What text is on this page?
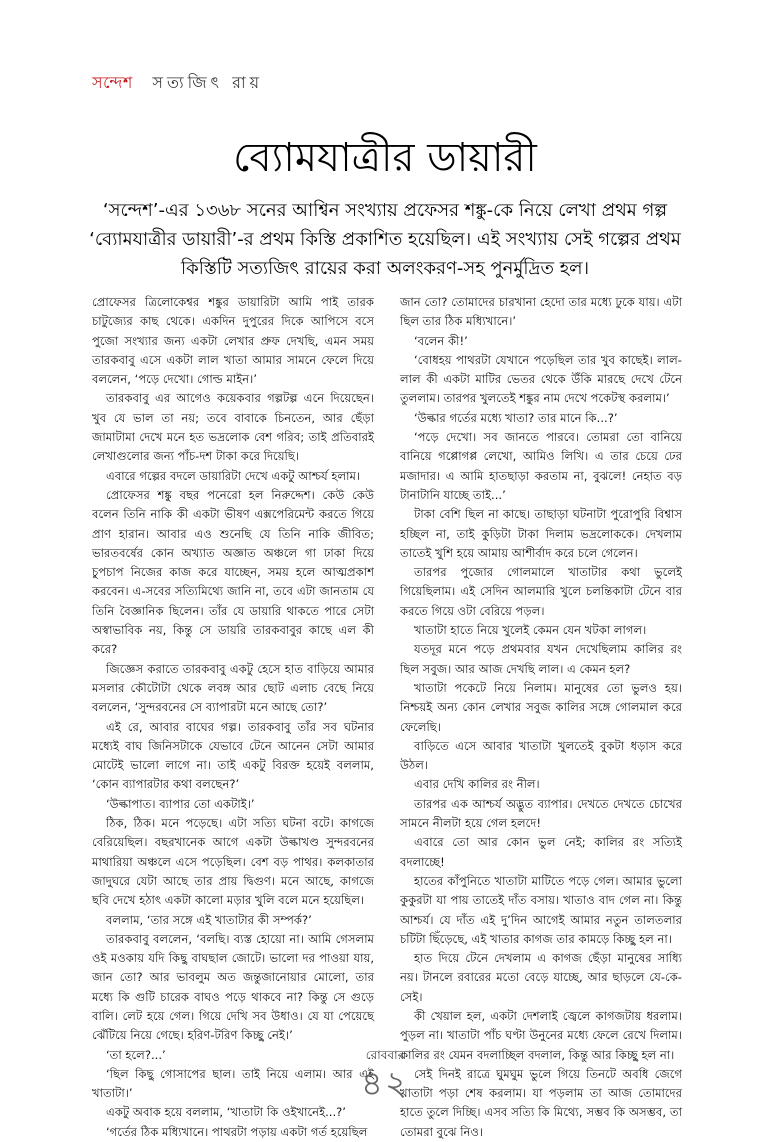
সন্দেশ সত্যজিৎ রায়
ব্যোমযাত্রীর ডায়ারী
‘সন্দেশ’-এর ১৩৬৮ সনের আশ্বিন সংখ্যায় প্রফেসর শঙ্কু-কে নিয়ে লেখা প্রথম গল্প
‘ব্যোমযাত্রীর ডায়ারী’-র প্রথম কিস্তি প্রকাশিত হয়েছিল। এই সংখ্যায় সেই গল্পের প্রথম
কিস্তিটি সত্যজিৎ রায়ের করা অলংকরণ-সহ পুনর্মুদ্রিত হল।

প্রোফেসর ত্রিলোকেশ্বর শঙ্কুর ডায়ারিটা আমি পাই তারক চাটুজ্যের কাছ থেকে। একদিন দুপুরের দিকে আপিসে বসে পুজো সংখ্যার জন্য একটা লেখার প্রুফ দেখছি, এমন সময় তারকবাবু এসে একটা লাল খাতা আমার সামনে ফেলে দিয়ে বললেন, ‘পড়ে দেখো। গোল্ড মাইন।’

তারকবাবু এর আগেও কয়েকবার গল্পটল্প এনে দিয়েছেন। খুব যে ভাল তা নয়; তবে বাবাকে চিনতেন, আর ছেঁড়া জামাটামা দেখে মনে হত ভদ্রলোক বেশ গরিব; তাই প্রতিবারই লেখাগুলোর জন্য পাঁচ-দশ টাকা করে দিয়েছি।

এবারে গল্পের বদলে ডায়ারিটা দেখে একটু আশ্চর্য হলাম।

প্রোফেসর শঙ্কু বছর পনেরো হল নিরুদ্দেশ। কেউ কেউ বলেন তিনি নাকি কী একটা ভীষণ এক্সপেরিমেন্ট করতে গিয়ে প্রাণ হারান। আবার এও শুনেছি যে তিনি নাকি জীবিত; ভারতবর্ষের কোন অখ্যাত অজ্ঞাত অঞ্চলে গা ঢাকা দিয়ে চুপচাপ নিজের কাজ করে যাচ্ছেন, সময় হলে আত্মপ্রকাশ করবেন। এ-সবের সত্যিমিথ্যে জানি না, তবে এটা জানতাম যে তিনি বৈজ্ঞানিক ছিলেন। তাঁর যে ডায়ারি থাকতে পারে সেটা অস্বাভাবিক নয়, কিন্তু সে ডায়রি তারকবাবুর কাছে এল কী করে?

জিজ্ঞেস করাতে তারকবাবু একটু হেসে হাত বাড়িয়ে আমার মসলার কৌটোটা থেকে লবঙ্গ আর ছোট এলাচ বেছে নিয়ে বললেন, ‘সুন্দরবনের সে ব্যাপারটা মনে আছে তো?’

এই রে, আবার বাঘের গল্প। তারকবাবু তাঁর সব ঘটনার মধ্যেই বাঘ জিনিসটাকে যেভাবে টেনে আনেন সেটা আমার মোটেই ভালো লাগে না। তাই একটু বিরক্ত হয়েই বললাম, ‘কোন ব্যাপারটার কথা বলছেন?’

‘উল্কাপাত। ব্যাপার তো একটাই।’

ঠিক, ঠিক। মনে পড়েছে। এটা সত্যি ঘটনা বটে। কাগজে বেরিয়েছিল। বছরখানেক আগে একটা উল্কাখণ্ড সুন্দরবনের মাথারিয়া অঞ্চলে এসে পড়েছিল। বেশ বড় পাথর। কলকাতার জাদুঘরে যেটা আছে তার প্রায় দ্বিগুণ। মনে আছে, কাগজে ছবি দেখে হঠাৎ একটা কালো মড়ার খুলি বলে মনে হয়েছিল।

বললাম, ‘তার সঙ্গে এই খাতাটার কী সম্পর্ক?’

তারকবাবু বললেন, ‘বলছি। ব্যস্ত হোয়ো না। আমি গেসলাম ওই মওকায় যদি কিছু বাঘছাল জোটে। ভালো দর পাওয়া যায়, জান তো? আর ভাবলুম অত জন্তুজানোয়ার মোলো, তার মধ্যে কি গুটি চারেক বাঘও পড়ে থাকবে না? কিন্তু সে গুড়ে বালি। লেট হয়ে গেল। গিয়ে দেখি সব উধাও। যে যা পেয়েছে ঝেঁটিয়ে নিয়ে গেছে। হরিণ-টরিণ কিচ্ছু নেই।’

‘তা হলে?...’

‘ছিল কিছু গোসাপের ছাল। তাই নিয়ে এলাম। আর এই খাতাটা।’

একটু অবাক হয়ে বললাম, ‘খাতাটা কি ওইখানেই...?’

‘গর্তের ঠিক মধ্যিখানে। পাথরটা পড়ায় একটা গর্ত হয়েছিল

জান তো? তোমাদের চারখানা হেদো তার মধ্যে ঢুকে যায়। এটা ছিল তার ঠিক মধ্যিখানে।’

‘বলেন কী!’

‘বোধহয় পাথরটা যেখানে পড়েছিল তার খুব কাছেই। লাল-লাল কী একটা মাটির ভেতর থেকে উঁকি মারছে দেখে টেনে তুললাম। তারপর খুলতেই শঙ্কুর নাম দেখে পকেটস্থ করলাম।’

‘উল্কার গর্তের মধ্যে খাতা? তার মানে কি...?’

‘পড়ে দেখো। সব জানতে পারবে। তোমরা তো বানিয়ে বানিয়ে গপ্পোগপ্প লেখো, আমিও লিখি। এ তার চেয়ে ঢের মজাদার। এ আমি হাতছাড়া করতাম না, বুঝলে! নেহাত বড় টানাটানি যাচ্ছে তাই...’

টাকা বেশি ছিল না কাছে। তাছাড়া ঘটনাটা পুরোপুরি বিশ্বাস হচ্ছিল না, তাই কুড়িটা টাকা দিলাম ভদ্রলোককে। দেখলাম তাতেই খুশি হয়ে আমায় আশীর্বাদ করে চলে গেলেন।

তারপর পুজোর গোলমালে খাতাটার কথা ভুলেই গিয়েছিলাম। এই সেদিন আলমারি খুলে চলন্তিকাটা টেনে বার করতে গিয়ে ওটা বেরিয়ে পড়ল।

খাতাটা হাতে নিয়ে খুলেই কেমন যেন খটকা লাগল।

যতদূর মনে পড়ে প্রথমবার যখন দেখেছিলাম কালির রং ছিল সবুজ। আর আজ দেখছি লাল। এ কেমন হল?

খাতাটা পকেটে নিয়ে নিলাম। মানুষের তো ভুলও হয়। নিশ্চয়ই অন্য কোন লেখার সবুজ কালির সঙ্গে গোলমাল করে ফেলেছি।

বাড়িতে এসে আবার খাতাটা খুলতেই বুকটা ধড়াস করে উঠল।

এবার দেখি কালির রং নীল।

তারপর এক আশ্চর্য অদ্ভুত ব্যাপার। দেখতে দেখতে চোখের সামনে নীলটা হয়ে গেল হলদে!

এবারে তো আর কোন ভুল নেই; কালির রং সত্যিই বদলাচ্ছে!

হাতের কাঁপুনিতে খাতাটা মাটিতে পড়ে গেল। আমার ভুলো কুকুরটা যা পায় তাতেই দাঁত বসায়। খাতাও বাদ গেল না। কিন্তু আশ্চর্য। যে দাঁত এই দু’দিন আগেই আমার নতুন তালতলার চটিটা ছিঁড়েছে, এই খাতার কাগজ তার কামড়ে কিচ্ছু হল না।

হাত দিয়ে টেনে দেখলাম এ কাগজ ছেঁড়া মানুষের সাধ্যি নয়। টানলে রবারের মতো বেড়ে যাচ্ছে, আর ছাড়লে যে-কে-সেই।

কী খেয়াল হল, একটা দেশলাই জ্বেলে কাগজটায় ধরলাম। পুড়ল না। খাতাটা পাঁচ ঘণ্টা উনুনের মধ্যে ফেলে রেখে দিলাম। কালির রং যেমন বদলাচ্ছিল বদলাল, কিন্তু আর কিচ্ছু হল না।

সেই দিনই রাত্রে ঘুমঘুম ভুলে গিয়ে তিনটে অবধি জেগে খাতাটা পড়া শেষ করলাম। যা পড়লাম তা আজ তোমাদের হাতে তুলে দিচ্ছি। এসব সত্যি কি মিথ্যে, সম্ভব কি অসম্ভব, তা তোমরা বুঝে নিও।

রোববার
৪২
